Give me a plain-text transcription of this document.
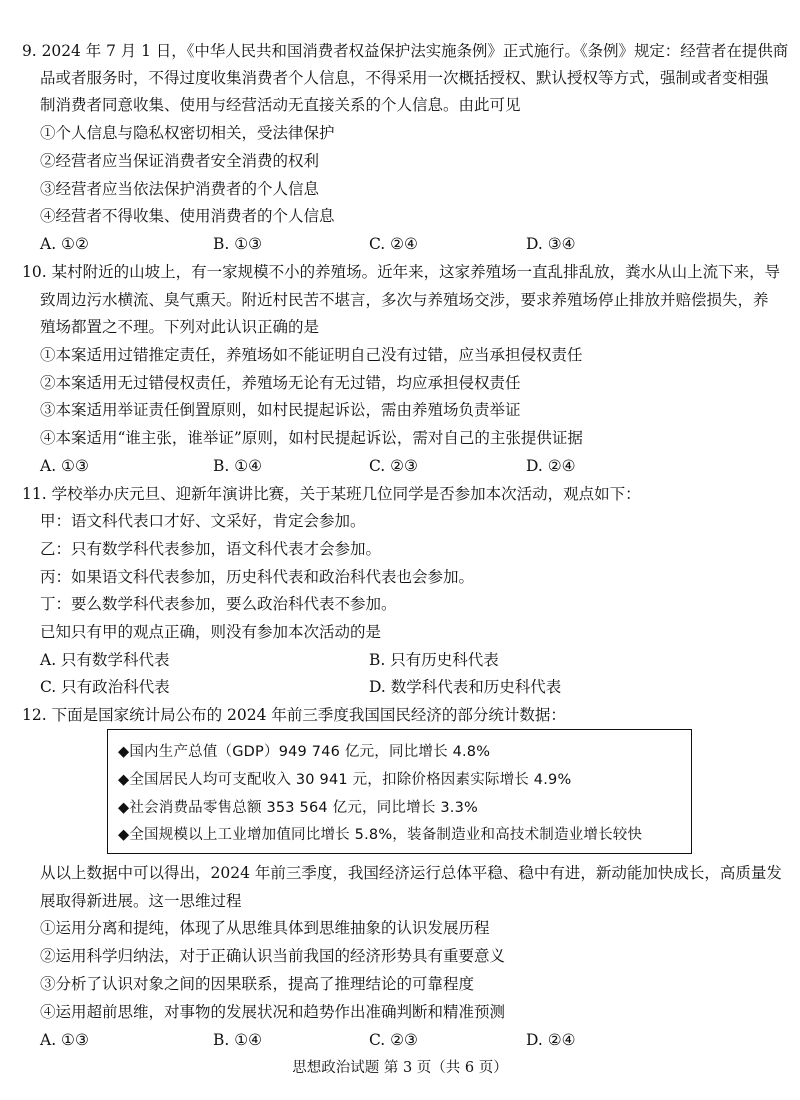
9. 2024 年 7 月 1 日，《中华人民共和国消费者权益保护法实施条例》正式施行。《条例》规定：经营者在提供商
品或者服务时，不得过度收集消费者个人信息，不得采用一次概括授权、默认授权等方式，强制或者变相强
制消费者同意收集、使用与经营活动无直接关系的个人信息。由此可见
①个人信息与隐私权密切相关，受法律保护
②经营者应当保证消费者安全消费的权利
③经营者应当依法保护消费者的个人信息
④经营者不得收集、使用消费者的个人信息
A. ①②	B. ①③	C. ②④	D. ③④
10. 某村附近的山坡上，有一家规模不小的养殖场。近年来，这家养殖场一直乱排乱放，粪水从山上流下来，导
致周边污水横流、臭气熏天。附近村民苦不堪言，多次与养殖场交涉，要求养殖场停止排放并赔偿损失，养
殖场都置之不理。下列对此认识正确的是
①本案适用过错推定责任，养殖场如不能证明自己没有过错，应当承担侵权责任
②本案适用无过错侵权责任，养殖场无论有无过错，均应承担侵权责任
③本案适用举证责任倒置原则，如村民提起诉讼，需由养殖场负责举证
④本案适用“谁主张，谁举证”原则，如村民提起诉讼，需对自己的主张提供证据
A. ①③	B. ①④	C. ②③	D. ②④
11. 学校举办庆元旦、迎新年演讲比赛，关于某班几位同学是否参加本次活动，观点如下：
甲：语文科代表口才好、文采好，肯定会参加。
乙：只有数学科代表参加，语文科代表才会参加。
丙：如果语文科代表参加，历史科代表和政治科代表也会参加。
丁：要么数学科代表参加，要么政治科代表不参加。
已知只有甲的观点正确，则没有参加本次活动的是
A. 只有数学科代表	B. 只有历史科代表
C. 只有政治科代表	D. 数学科代表和历史科代表
12. 下面是国家统计局公布的 2024 年前三季度我国国民经济的部分统计数据：
◆国内生产总值（GDP）949 746 亿元，同比增长 4.8%
◆全国居民人均可支配收入 30 941 元，扣除价格因素实际增长 4.9%
◆社会消费品零售总额 353 564 亿元，同比增长 3.3%
◆全国规模以上工业增加值同比增长 5.8%，装备制造业和高技术制造业增长较快
从以上数据中可以得出，2024 年前三季度，我国经济运行总体平稳、稳中有进，新动能加快成长，高质量发
展取得新进展。这一思维过程
①运用分离和提纯，体现了从思维具体到思维抽象的认识发展历程
②运用科学归纳法，对于正确认识当前我国的经济形势具有重要意义
③分析了认识对象之间的因果联系，提高了推理结论的可靠程度
④运用超前思维，对事物的发展状况和趋势作出准确判断和精准预测
A. ①③	B. ①④	C. ②③	D. ②④
思想政治试题 第 3 页（共 6 页）
